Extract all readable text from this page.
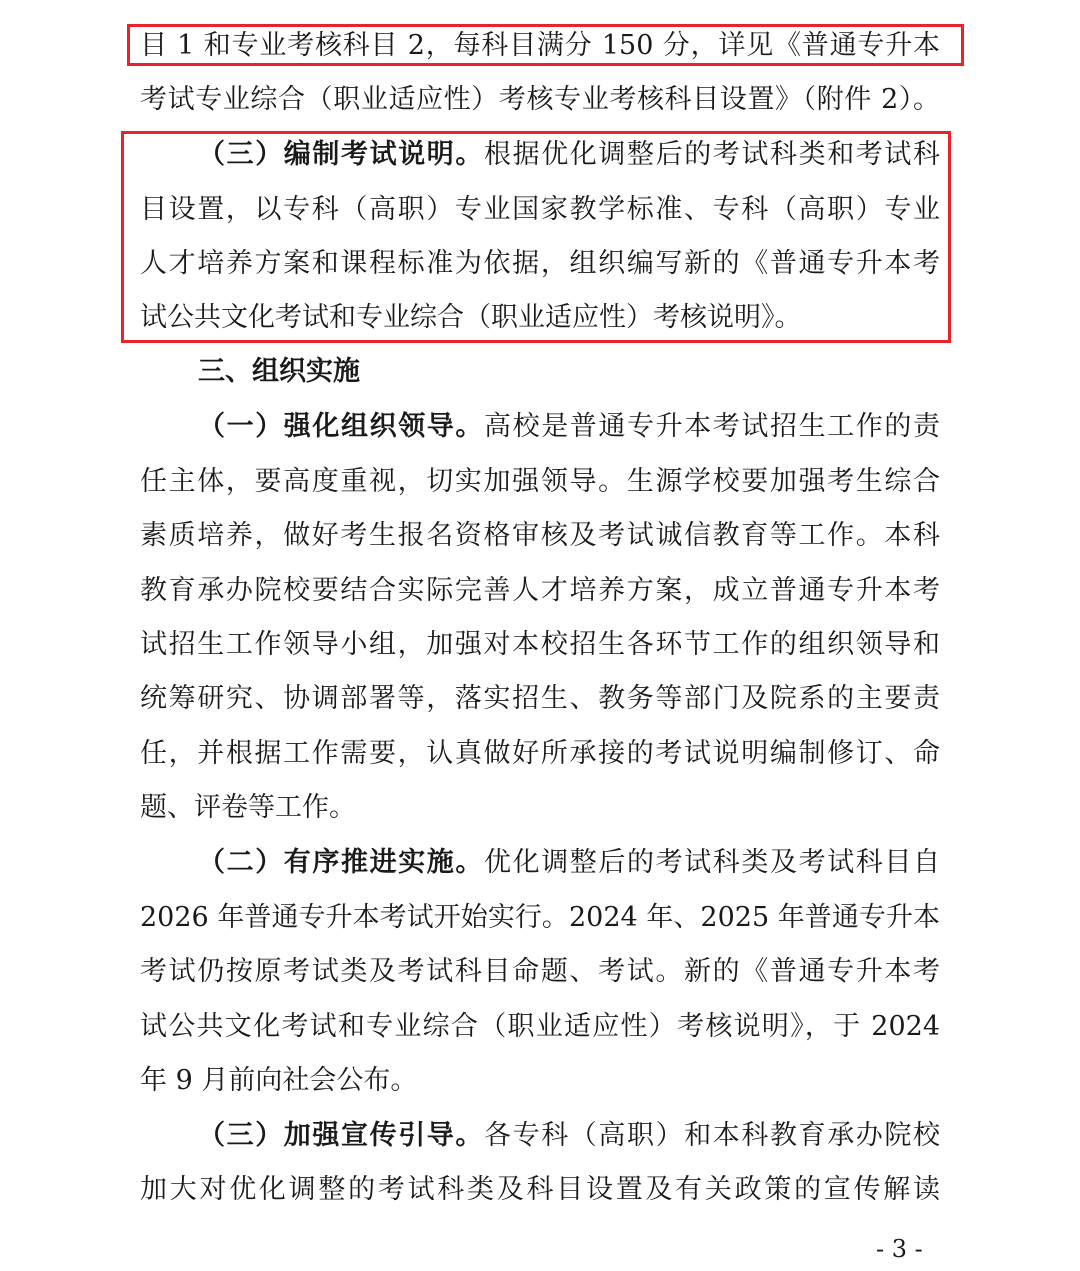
目 1 和专业考核科目 2，每科目满分 150 分，详见《普通专升本
考试专业综合（职业适应性）考核专业考核科目设置》（附件 2）。
（三）编制考试说明。根据优化调整后的考试科类和考试科
目设置，以专科（高职）专业国家教学标准、专科（高职）专业
人才培养方案和课程标准为依据，组织编写新的《普通专升本考
试公共文化考试和专业综合（职业适应性）考核说明》。
三、组织实施
（一）强化组织领导。高校是普通专升本考试招生工作的责
任主体，要高度重视，切实加强领导。生源学校要加强考生综合
素质培养，做好考生报名资格审核及考试诚信教育等工作。本科
教育承办院校要结合实际完善人才培养方案，成立普通专升本考
试招生工作领导小组，加强对本校招生各环节工作的组织领导和
统筹研究、协调部署等，落实招生、教务等部门及院系的主要责
任，并根据工作需要，认真做好所承接的考试说明编制修订、命
题、评卷等工作。
（二）有序推进实施。优化调整后的考试科类及考试科目自
2026 年普通专升本考试开始实行。2024 年、2025 年普通专升本
考试仍按原考试类及考试科目命题、考试。新的《普通专升本考
试公共文化考试和专业综合（职业适应性）考核说明》，于 2024
年 9 月前向社会公布。
（三）加强宣传引导。各专科（高职）和本科教育承办院校
加大对优化调整的考试科类及科目设置及有关政策的宣传解读
- 3 -
